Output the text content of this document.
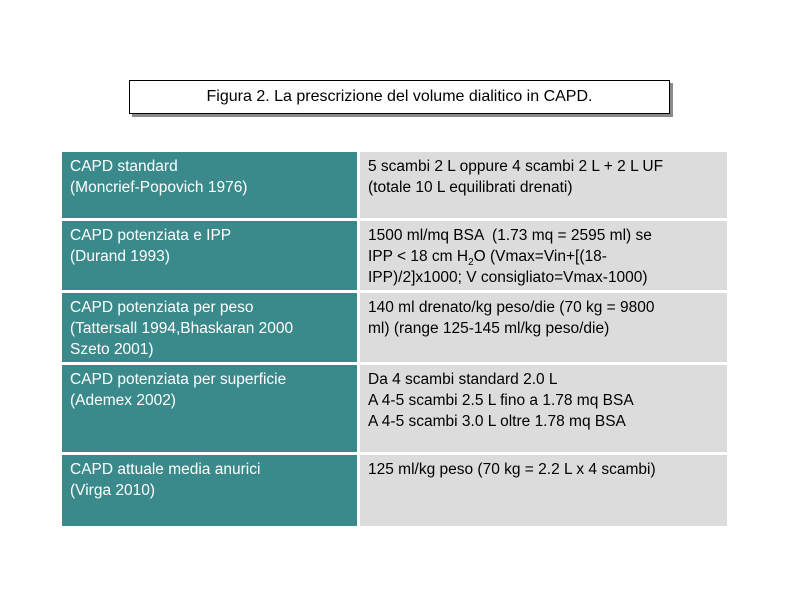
Figura 2. La prescrizione del volume dialitico in CAPD.
CAPD standard
(Moncrief-Popovich 1976)
5 scambi 2 L oppure 4 scambi 2 L + 2 L UF
(totale 10 L equilibrati drenati)
CAPD potenziata e IPP
(Durand 1993)
1500 ml/mq BSA  (1.73 mq = 2595 ml) se
IPP < 18 cm $H_2O$ (Vmax=Vin+[(18-
IPP)/2]x1000; V consigliato=Vmax-1000)
CAPD potenziata per peso
(Tattersall 1994,Bhaskaran 2000
Szeto 2001)
140 ml drenato/kg peso/die (70 kg = 9800
ml) (range 125-145 ml/kg peso/die)
CAPD potenziata per superficie
(Ademex 2002)
Da 4 scambi standard 2.0 L
A 4-5 scambi 2.5 L fino a 1.78 mq BSA
A 4-5 scambi 3.0 L oltre 1.78 mq BSA
CAPD attuale media anurici
(Virga 2010)
125 ml/kg peso (70 kg = 2.2 L x 4 scambi)
